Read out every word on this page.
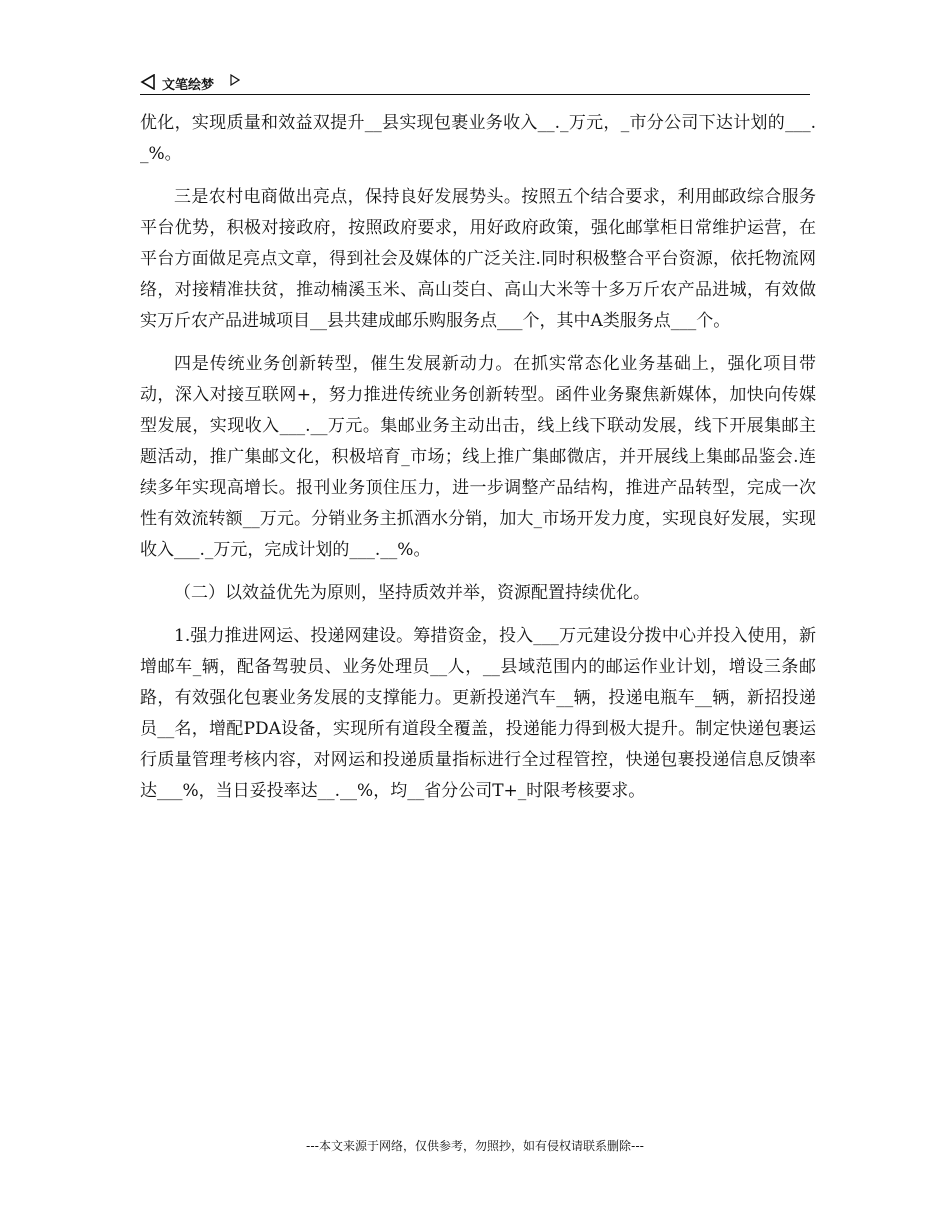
文笔绘梦

优化，实现质量和效益双提升__县实现包裹业务收入__._万元，_市分公司下达计划的___._%。

三是农村电商做出亮点，保持良好发展势头。按照五个结合要求，利用邮政综合服务平台优势，积极对接政府，按照政府要求，用好政府政策，强化邮掌柜日常维护运营，在平台方面做足亮点文章，得到社会及媒体的广泛关注.同时积极整合平台资源，依托物流网络，对接精准扶贫，推动楠溪玉米、高山茭白、高山大米等十多万斤农产品进城，有效做实万斤农产品进城项目__县共建成邮乐购服务点___个，其中A类服务点___个。

四是传统业务创新转型，催生发展新动力。在抓实常态化业务基础上，强化项目带动，深入对接互联网+，努力推进传统业务创新转型。函件业务聚焦新媒体，加快向传媒型发展，实现收入___.__万元。集邮业务主动出击，线上线下联动发展，线下开展集邮主题活动，推广集邮文化，积极培育_市场；线上推广集邮微店，并开展线上集邮品鉴会.连续多年实现高增长。报刊业务顶住压力，进一步调整产品结构，推进产品转型，完成一次性有效流转额__万元。分销业务主抓酒水分销，加大_市场开发力度，实现良好发展，实现收入___._万元，完成计划的___.__%。

（二）以效益优先为原则，坚持质效并举，资源配置持续优化。

1.强力推进网运、投递网建设。筹措资金，投入___万元建设分拨中心并投入使用，新增邮车_辆，配备驾驶员、业务处理员__人，__县域范围内的邮运作业计划，增设三条邮路，有效强化包裹业务发展的支撑能力。更新投递汽车__辆，投递电瓶车__辆，新招投递员__名，增配PDA设备，实现所有道段全覆盖，投递能力得到极大提升。制定快递包裹运行质量管理考核内容，对网运和投递质量指标进行全过程管控，快递包裹投递信息反馈率达___%，当日妥投率达__.__%，均__省分公司T+_时限考核要求。

---本文来源于网络，仅供参考，勿照抄，如有侵权请联系删除---
